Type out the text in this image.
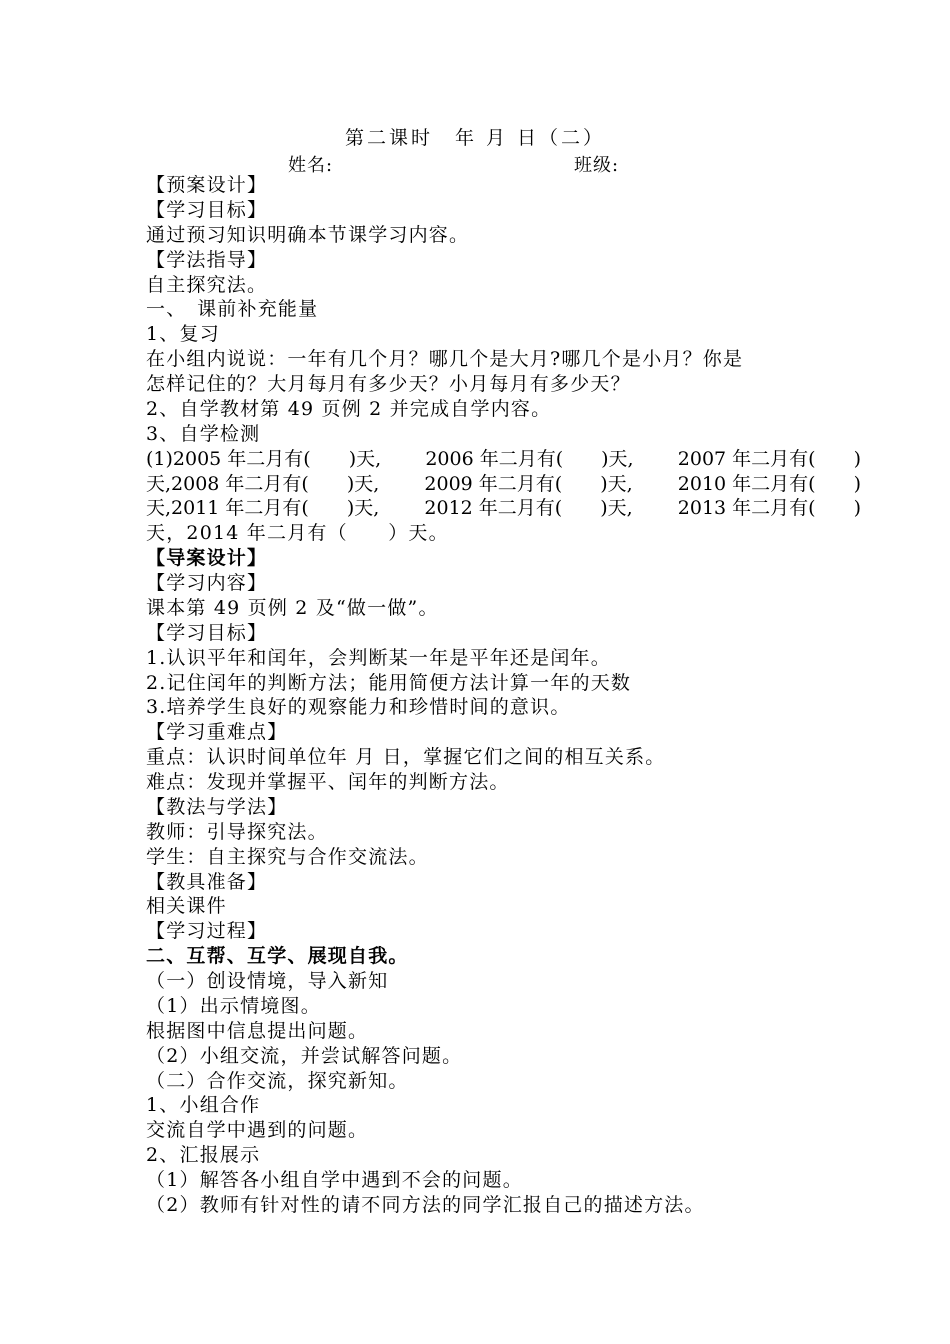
第二课时　年 月 日（二）
姓名:	班级:
【预案设计】
【学习目标】
通过预习知识明确本节课学习内容。
【学法指导】
自主探究法。
一、　课前补充能量
1、复习
在小组内说说：一年有几个月？哪几个是大月?哪几个是小月？你是
怎样记住的？大月每月有多少天？小月每月有多少天？
2、自学教材第 49 页例 2 并完成自学内容。
3、自学检测
(1)2005 年二月有(　　)天, 2006 年二月有(　　)天, 2007 年二月有(　　)
天,2008 年二月有(　　)天, 2009 年二月有(　　)天, 2010 年二月有(　　)
天,2011 年二月有(　　)天, 2012 年二月有(　　)天, 2013 年二月有(　　)
天，2014 年二月有（　　）天。
【导案设计】
【学习内容】
课本第 49 页例 2 及“做一做”。
【学习目标】
1.认识平年和闰年，会判断某一年是平年还是闰年。
2.记住闰年的判断方法；能用简便方法计算一年的天数
3.培养学生良好的观察能力和珍惜时间的意识。
【学习重难点】
重点：认识时间单位年 月 日，掌握它们之间的相互关系。
难点：发现并掌握平、闰年的判断方法。
【教法与学法】
教师：引导探究法。
学生：自主探究与合作交流法。
【教具准备】
相关课件
【学习过程】
二、互帮、互学、展现自我。
（一）创设情境，导入新知
（1）出示情境图。
根据图中信息提出问题。
（2）小组交流，并尝试解答问题。
（二）合作交流，探究新知。
1、小组合作
交流自学中遇到的问题。
2、汇报展示
（1）解答各小组自学中遇到不会的问题。
（2）教师有针对性的请不同方法的同学汇报自己的描述方法。
